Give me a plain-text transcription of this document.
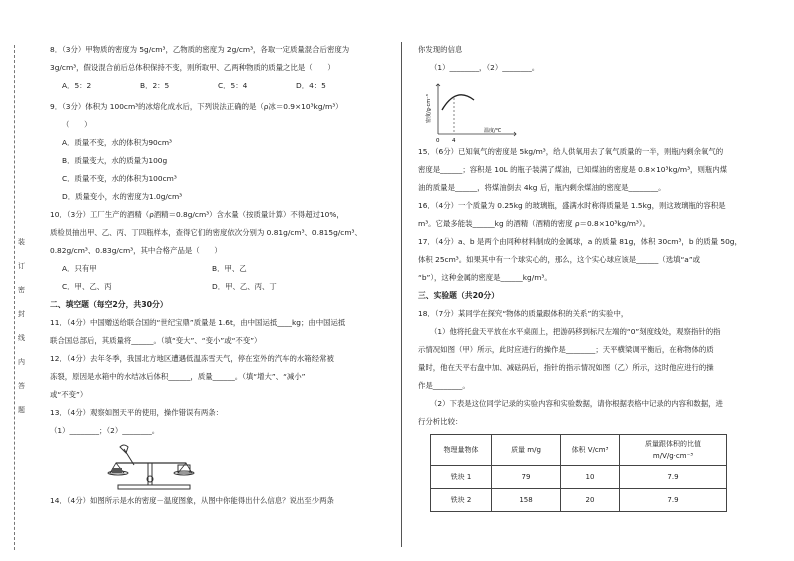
装
订
密
封
线
内
答
题

8．（3分）甲物质的密度为 5g/cm³，乙物质的密度为 2g/cm³，各取一定质量混合后密度为

3g/cm³，假设混合前后总体积保持不变，则所取甲、乙两种物质的质量之比是（　　）

A．5：2	B．2：5	C．5：4	D．4：5

9．（3分）体积为 100cm³的冰熔化成水后，下列说法正确的是（ρ冰＝0.9×10³kg/m³）

（　　）

A．质量不变，水的体积为90cm³

B．质量变大，水的质量为100g

C．质量不变，水的体积为100cm³

D．质量变小，水的密度为1.0g/cm³

10．（3分）工厂生产的酒精（ρ酒精＝0.8g/cm³）含水量（按质量计算）不得超过10%，

质检员抽出甲、乙、丙、丁四瓶样本，查得它们的密度依次分别为 0.81g/cm³、0.815g/cm³、

0.82g/cm³、0.83g/cm³，其中合格产品是（　　）

A．只有甲	B．甲、乙

C．甲、乙、丙	D．甲、乙、丙、丁

二、填空题（每空2分，共30分）

11．（4分）中国赠送给联合国的“世纪宝鼎”质量是 1.6t，由中国运抵____kg；由中国运抵

联合国总部后，其质量将______。（填“变大”、“变小”或“不变”）

12．（4分）去年冬季，我国北方地区遭遇低温冻雪天气，停在室外的汽车的水箱经常被

冻裂，原因是水箱中的水结冰后体积______，质量______。（填“增大”、“减小”

或“不变”）

13．（4分）观察如图天平的使用，操作错误有两条：

（1）________；（2）________。

14．（4分）如图所示是水的密度－温度图象，从图中你能得出什么信息？说出至少两条

你发现的信息

（1）________，（2）________。

密度/g·cm⁻³
温度/℃
0 4

15．（6分）已知氧气的密度是 5kg/m³，给人供氧用去了氧气质量的一半，则瓶内剩余氧气的

密度是______；容积是 10L 的瓶子装满了煤油，已知煤油的密度是 0.8×10³kg/m³，则瓶内煤

油的质量是______，将煤油倒去 4kg 后，瓶内剩余煤油的密度是________。

16．（4分）一个质量为 0.25kg 的玻璃瓶，盛满水时称得质量是 1.5kg，则这玻璃瓶的容积是

m³。它最多能装______kg 的酒精（酒精的密度 ρ＝0.8×10³kg/m³）。

17．（4分）a、b 是两个由同种材料制成的金属球，a 的质量 81g，体积 30cm³，b 的质量 50g，

体积 25cm³。如果其中有一个球实心的，那么，这个实心球应该是______（选填“a”或

“b”），这种金属的密度是______kg/m³。

三、实验题（共20分）

18．（7分）某同学在探究“物体的质量跟体积的关系”的实验中，

（1）他将托盘天平放在水平桌面上，把游码移到标尺左端的“0”刻度线处，观察指针的指

示情况如图（甲）所示，此时应进行的操作是________；天平横梁调平衡后，在称物体的质

量时，他在天平右盘中加、减砝码后，指针的指示情况如图（乙）所示，这时他应进行的操

作是________。

（2）下表是这位同学记录的实验内容和实验数据，请你根据表格中记录的内容和数据，进

行分析比较：

物理量物体	质量 m/g	体积 V/cm³	质量跟体积的比值 m/V/g·cm⁻³
铁块 1	79	10	7.9
铁块 2	158	20	7.9
